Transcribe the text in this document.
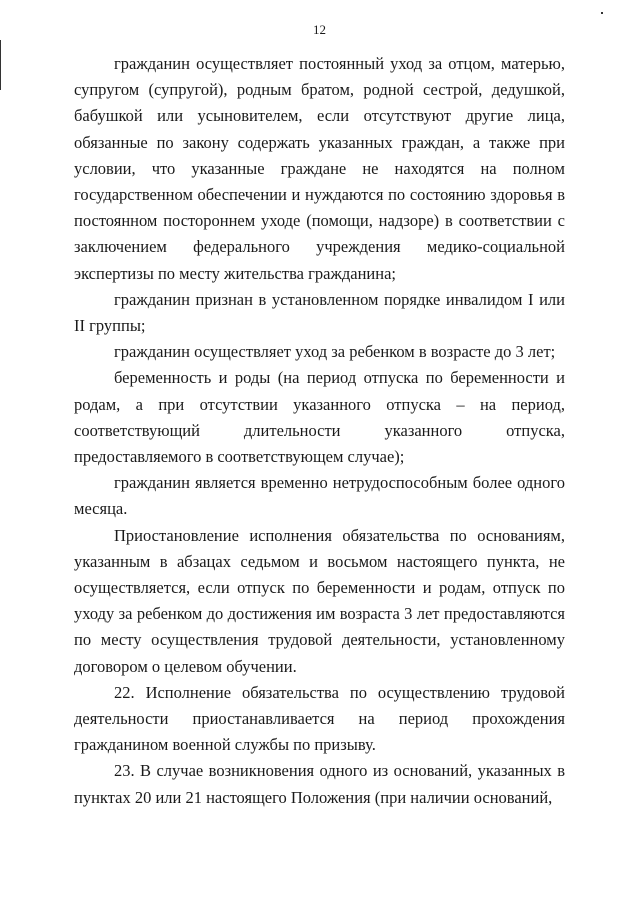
12

гражданин осуществляет постоянный уход за отцом, матерью, супругом (супругой), родным братом, родной сестрой, дедушкой, бабушкой или усыновителем, если отсутствуют другие лица, обязанные по закону содержать указанных граждан, а также при условии, что указанные граждане не находятся на полном государственном обеспечении и нуждаются по состоянию здоровья в постоянном постороннем уходе (помощи, надзоре) в соответствии с заключением федерального учреждения медико-социальной экспертизы по месту жительства гражданина;

гражданин признан в установленном порядке инвалидом I или II группы;

гражданин осуществляет уход за ребенком в возрасте до 3 лет;

беременность и роды (на период отпуска по беременности и родам, а при отсутствии указанного отпуска – на период, соответствующий длительности указанного отпуска, предоставляемого в соответствующем случае);

гражданин является временно нетрудоспособным более одного месяца.

Приостановление исполнения обязательства по основаниям, указанным в абзацах седьмом и восьмом настоящего пункта, не осуществляется, если отпуск по беременности и родам, отпуск по уходу за ребенком до достижения им возраста 3 лет предоставляются по месту осуществления трудовой деятельности, установленному договором о целевом обучении.

22. Исполнение обязательства по осуществлению трудовой деятельности приостанавливается на период прохождения гражданином военной службы по призыву.

23. В случае возникновения одного из оснований, указанных в пунктах 20 или 21 настоящего Положения (при наличии оснований,
